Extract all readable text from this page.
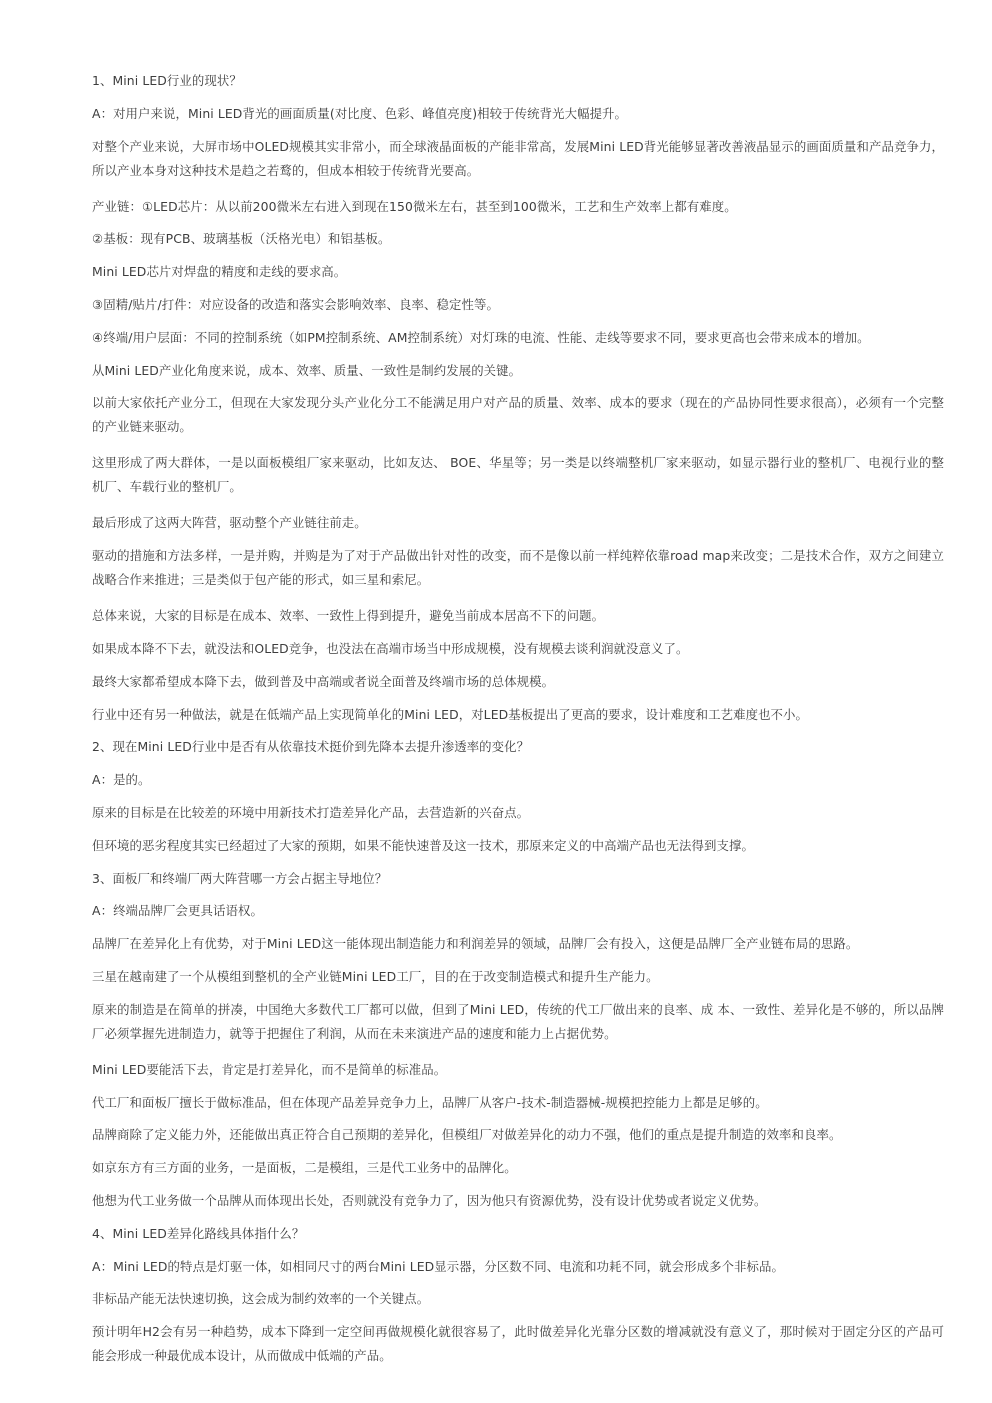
1、Mini LED行业的现状？

A：对用户来说，Mini LED背光的画面质量(对比度、色彩、峰值亮度)相较于传统背光大幅提升。

对整个产业来说，大屏市场中OLED规模其实非常小，而全球液晶面板的产能非常高，发展Mini LED背光能够显著改善液晶显示的画面质量和产品竞争力，所以产业本身对这种技术是趋之若鹜的，但成本相较于传统背光要高。

产业链：①LED芯片：从以前200微米左右进入到现在150微米左右，甚至到100微米，工艺和生产效率上都有难度。

②基板：现有PCB、玻璃基板（沃格光电）和铝基板。

Mini LED芯片对焊盘的精度和走线的要求高。

③固精/贴片/打件：对应设备的改造和落实会影响效率、良率、稳定性等。

④终端/用户层面：不同的控制系统（如PM控制系统、AM控制系统）对灯珠的电流、性能、走线等要求不同，要求更高也会带来成本的增加。

从Mini LED产业化角度来说，成本、效率、质量、一致性是制约发展的关键。

以前大家依托产业分工，但现在大家发现分头产业化分工不能满足用户对产品的质量、效率、成本的要求（现在的产品协同性要求很高），必须有一个完整的产业链来驱动。

这里形成了两大群体，一是以面板模组厂家来驱动，比如友达、 BOE、华星等；另一类是以终端整机厂家来驱动，如显示器行业的整机厂、电视行业的整机厂、车载行业的整机厂。

最后形成了这两大阵营，驱动整个产业链往前走。

驱动的措施和方法多样，一是并购，并购是为了对于产品做出针对性的改变，而不是像以前一样纯粹依靠road map来改变；二是技术合作，双方之间建立战略合作来推进；三是类似于包产能的形式，如三星和索尼。

总体来说，大家的目标是在成本、效率、一致性上得到提升，避免当前成本居高不下的问题。

如果成本降不下去，就没法和OLED竞争，也没法在高端市场当中形成规模，没有规模去谈利润就没意义了。

最终大家都希望成本降下去，做到普及中高端或者说全面普及终端市场的总体规模。

行业中还有另一种做法，就是在低端产品上实现简单化的Mini LED，对LED基板提出了更高的要求，设计难度和工艺难度也不小。

2、现在Mini LED行业中是否有从依靠技术挺价到先降本去提升渗透率的变化？

A：是的。

原来的目标是在比较差的环境中用新技术打造差异化产品，去营造新的兴奋点。

但环境的恶劣程度其实已经超过了大家的预期，如果不能快速普及这一技术，那原来定义的中高端产品也无法得到支撑。

3、面板厂和终端厂两大阵营哪一方会占据主导地位？

A：终端品牌厂会更具话语权。

品牌厂在差异化上有优势，对于Mini LED这一能体现出制造能力和利润差异的领域，品牌厂会有投入，这便是品牌厂全产业链布局的思路。

三星在越南建了一个从模组到整机的全产业链Mini LED工厂，目的在于改变制造模式和提升生产能力。

原来的制造是在简单的拼凑，中国绝大多数代工厂都可以做，但到了Mini LED，传统的代工厂做出来的良率、成 本、一致性、差异化是不够的，所以品牌厂必须掌握先进制造力，就等于把握住了利润，从而在未来演进产品的速度和能力上占据优势。

Mini LED要能活下去，肯定是打差异化，而不是简单的标准品。

代工厂和面板厂擅长于做标准品，但在体现产品差异竞争力上，品牌厂从客户-技术-制造器械-规模把控能力上都是足够的。

品牌商除了定义能力外，还能做出真正符合自己预期的差异化，但模组厂对做差异化的动力不强，他们的重点是提升制造的效率和良率。

如京东方有三方面的业务，一是面板，二是模组，三是代工业务中的品牌化。

他想为代工业务做一个品牌从而体现出长处，否则就没有竞争力了，因为他只有资源优势，没有设计优势或者说定义优势。

4、Mini LED差异化路线具体指什么？

A：Mini LED的特点是灯驱一体，如相同尺寸的两台Mini LED显示器，分区数不同、电流和功耗不同，就会形成多个非标品。

非标品产能无法快速切换，这会成为制约效率的一个关键点。

预计明年H2会有另一种趋势，成本下降到一定空间再做规模化就很容易了，此时做差异化光靠分区数的增减就没有意义了，那时候对于固定分区的产品可能会形成一种最优成本设计，从而做成中低端的产品。
